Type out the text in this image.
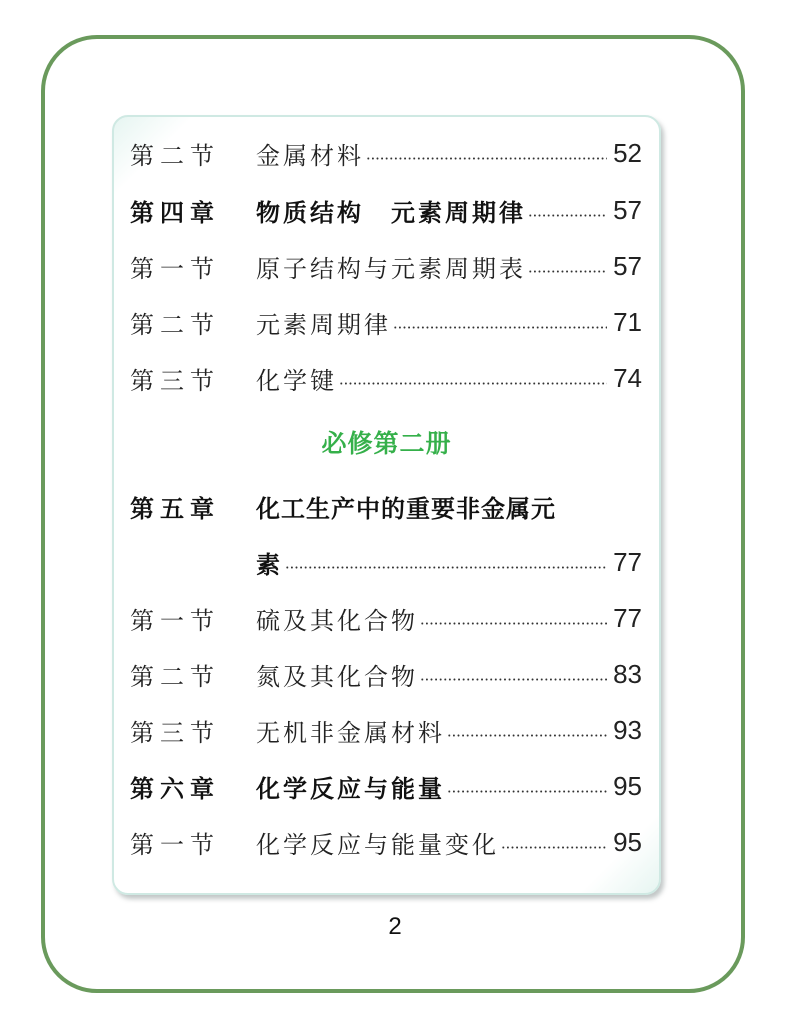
第二节	金属材料	52
第四章	物质结构　元素周期律	57
第一节	原子结构与元素周期表	57
第二节	元素周期律	71
第三节	化学键	74
必修第二册
第五章	化工生产中的重要非金属元
素	77
第一节	硫及其化合物	77
第二节	氮及其化合物	83
第三节	无机非金属材料	93
第六章	化学反应与能量	95
第一节	化学反应与能量变化	95
2
